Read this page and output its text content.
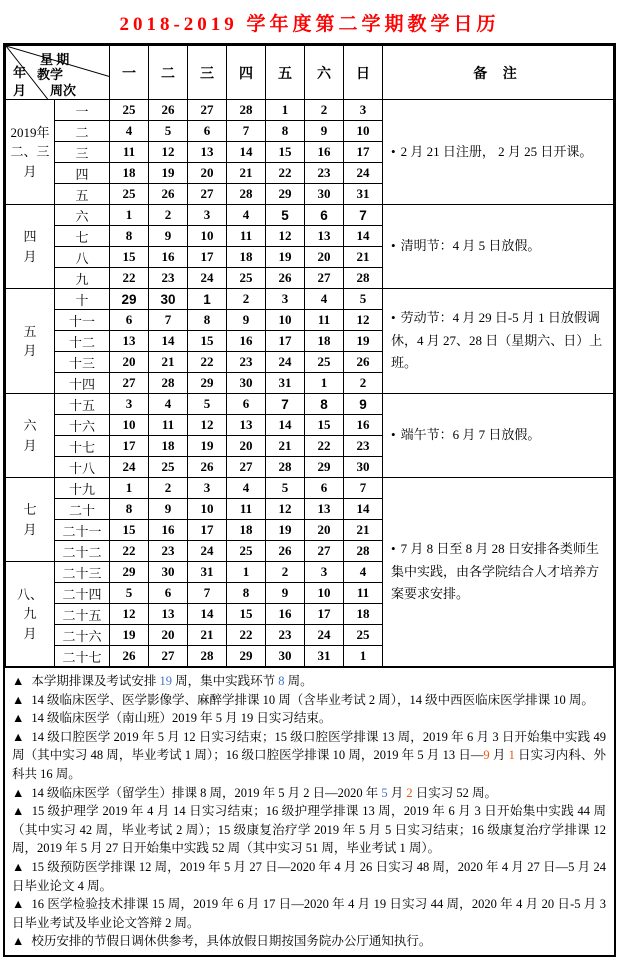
2018-2019 学年度第二学期教学日历
星 期
年 教学
月 周次		一	二	三	四	五	六	日	备 注

2019年
二、三
月	一	25	26	27	28	1	2	3	• 2 月 21 日注册， 2 月 25 日开课。
	二	4	5	6	7	8	9	10	
	三	11	12	13	14	15	16	17	
	四	18	19	20	21	22	23	24	
	五	25	26	27	28	29	30	31	

四
月	六	1	2	3	4	5	6	7	• 清明节：4 月 5 日放假。
	七	8	9	10	11	12	13	14	
	八	15	16	17	18	19	20	21	
	九	22	23	24	25	26	27	28	

五
月	十	29	30	1	2	3	4	5	• 劳动节：4 月 29 日-5 月 1 日放假调休，4 月 27、28 日（星期六、日）上班。
	十一	6	7	8	9	10	11	12	
	十二	13	14	15	16	17	18	19	
	十三	20	21	22	23	24	25	26	
	十四	27	28	29	30	31	1	2	

六
月	十五	3	4	5	6	7	8	9	• 端午节：6 月 7 日放假。
	十六	10	11	12	13	14	15	16	
	十七	17	18	19	20	21	22	23	
	十八	24	25	26	27	28	29	30	

七
月	十九	1	2	3	4	5	6	7	• 7 月 8 日至 8 月 28 日安排各类师生集中实践，由各学院结合人才培养方案要求安排。
	二十	8	9	10	11	12	13	14	
	二十一	15	16	17	18	19	20	21	
	二十二	22	23	24	25	26	27	28	

八、
九
月	二十三	29	30	31	1	2	3	4	
	二十四	5	6	7	8	9	10	11	
	二十五	12	13	14	15	16	17	18	
	二十六	19	20	21	22	23	24	25	
	二十七	26	27	28	29	30	31	1	

▲ 本学期排课及考试安排 19 周，集中实践环节 8 周。

▲ 14 级临床医学、医学影像学、麻醉学排课 10 周（含毕业考试 2 周），14 级中西医临床医学排课 10 周。

▲ 14 级临床医学（南山班）2019 年 5 月 19 日实习结束。

▲ 14 级口腔医学 2019 年 5 月 12 日实习结束；15 级口腔医学排课 13 周，2019 年 6 月 3 日开始集中实践 49 周（其中实习 48 周，毕业考试 1 周）；16 级口腔医学排课 10 周，2019 年 5 月 13 日—9 月 1 日实习内科、外科共 16 周。

▲ 14 级临床医学（留学生）排课 8 周，2019 年 5 月 2 日—2020 年 5 月 2 日实习 52 周。

▲ 15 级护理学 2019 年 4 月 14 日实习结束；16 级护理学排课 13 周，2019 年 6 月 3 日开始集中实践 44 周（其中实习 42 周，毕业考试 2 周）；15 级康复治疗学 2019 年 5 月 5 日实习结束；16 级康复治疗学排课 12 周，2019 年 5 月 27 日开始集中实践 52 周（其中实习 51 周，毕业考试 1 周）。

▲ 15 级预防医学排课 12 周，2019 年 5 月 27 日—2020 年 4 月 26 日实习 48 周，2020 年 4 月 27 日—5 月 24 日毕业论文 4 周。

▲ 16 医学检验技术排课 15 周，2019 年 6 月 17 日—2020 年 4 月 19 日实习 44 周，2020 年 4 月 20 日-5 月 3 日毕业考试及毕业论文答辩 2 周。

▲ 校历安排的节假日调休供参考，具体放假日期按国务院办公厅通知执行。
